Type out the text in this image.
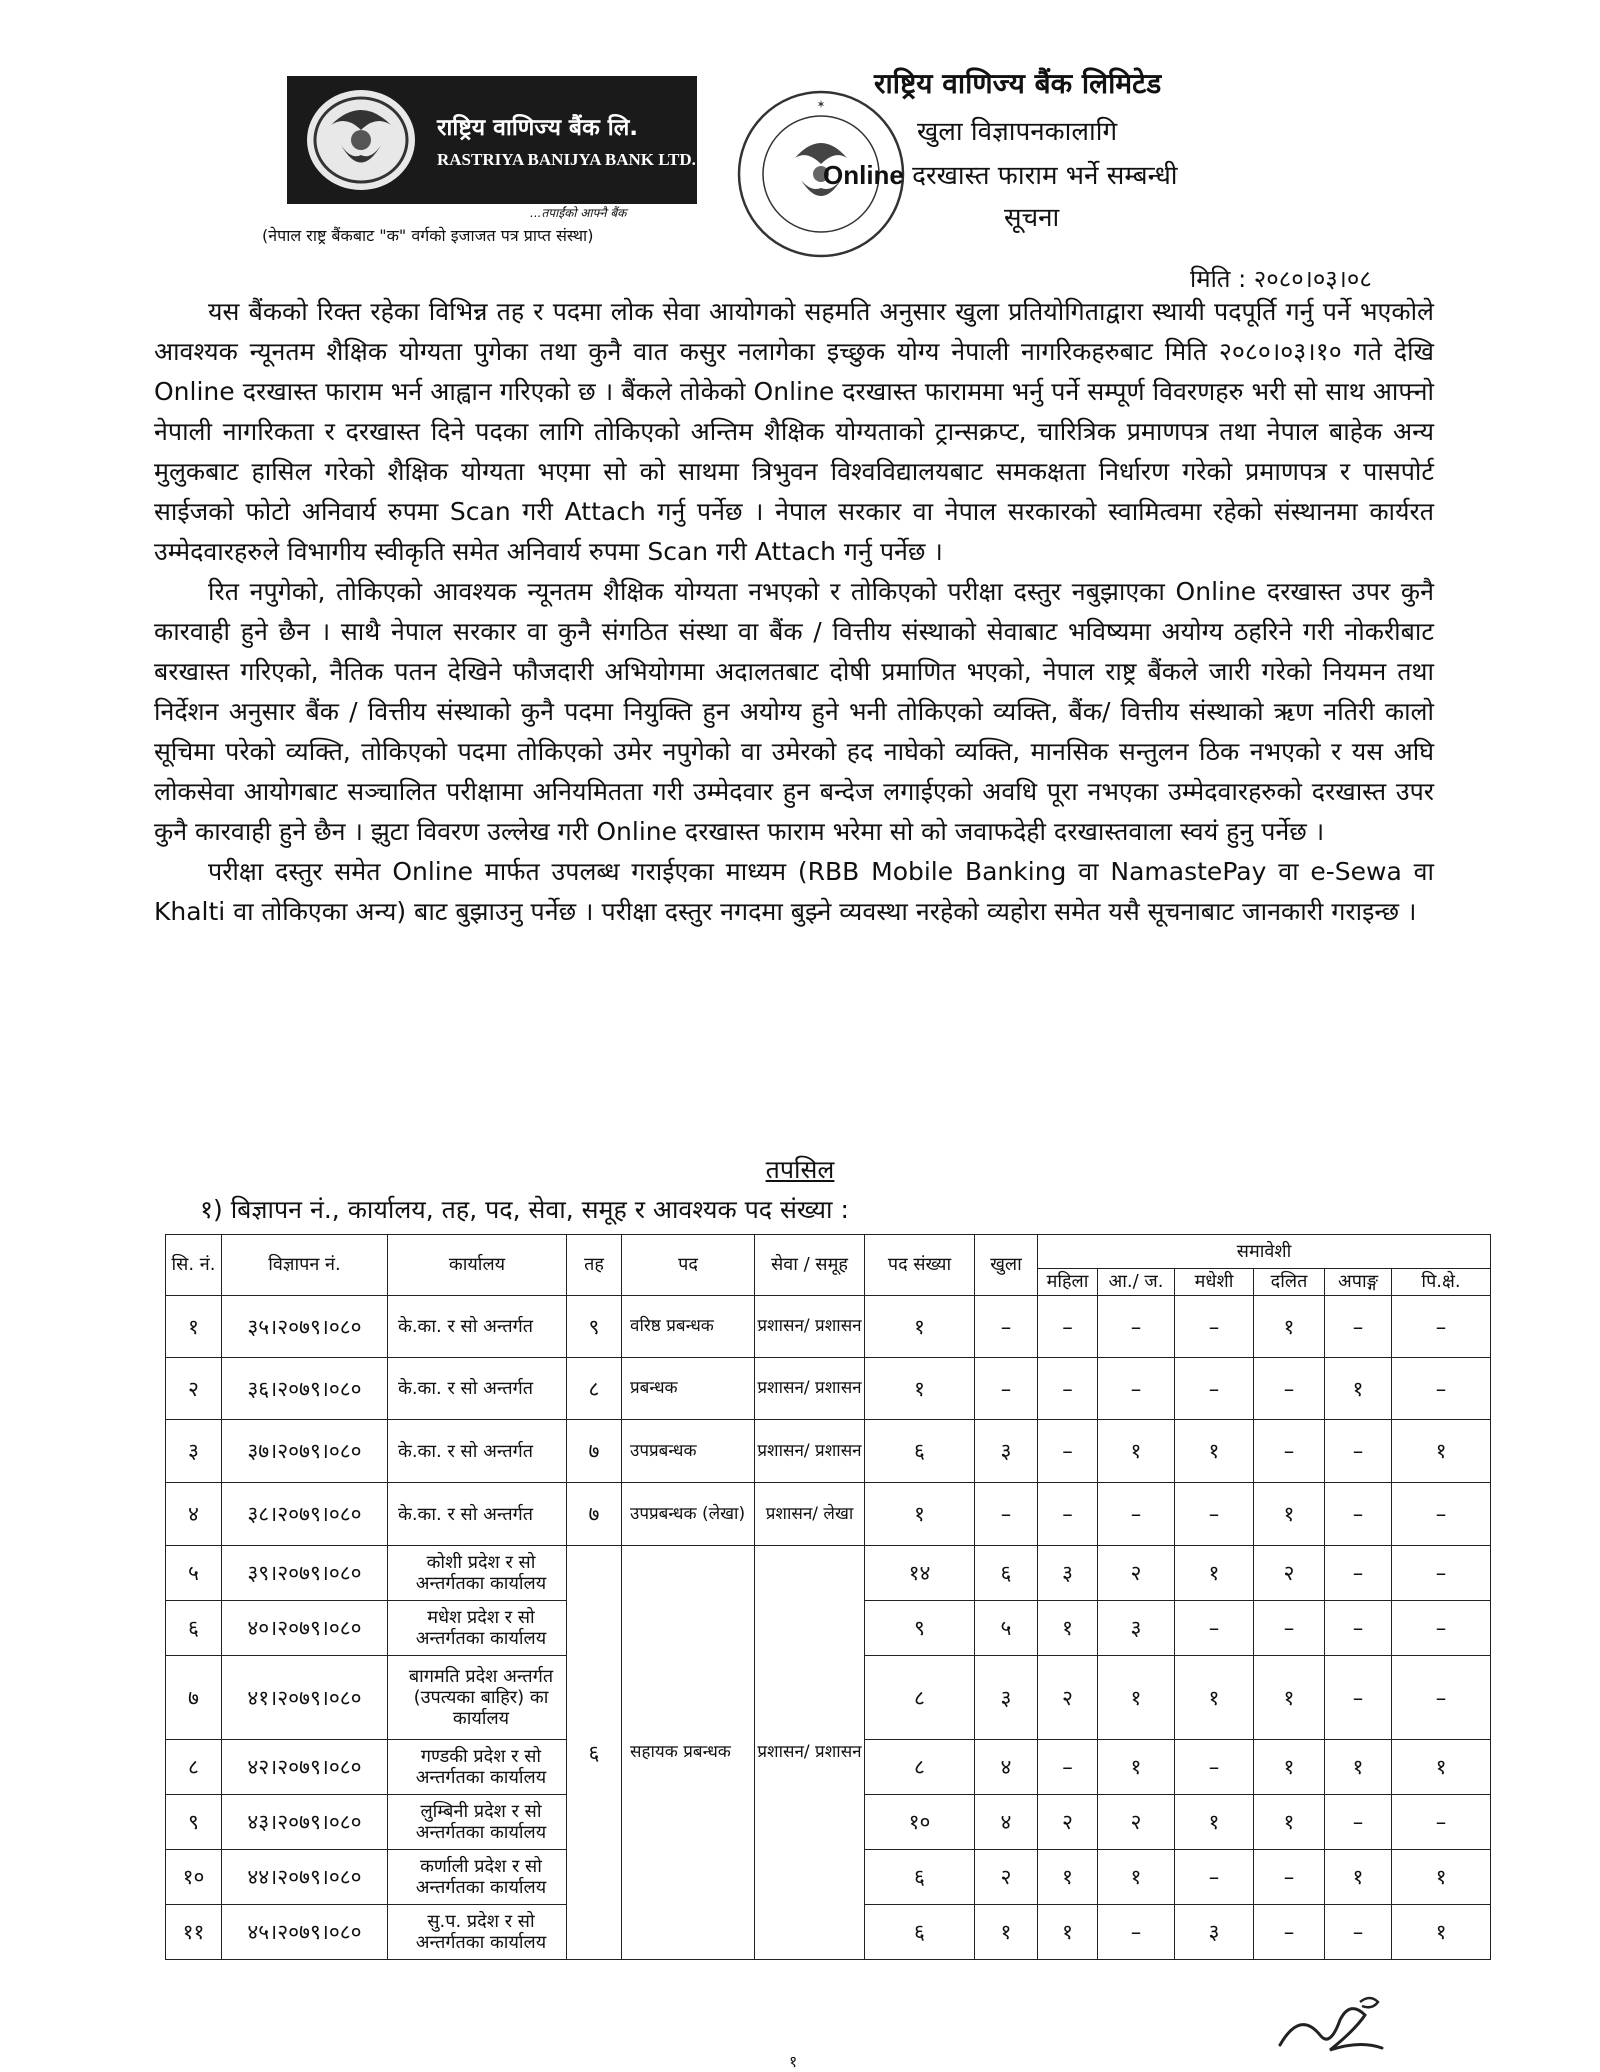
राष्ट्रिय वाणिज्य बैंक लि.
RASTRIYA BANIJYA BANK LTD.
...तपाईंको आफ्नै बैंक
(नेपाल राष्ट्र बैंकबाट "क" वर्गको इजाजत पत्र प्राप्त संस्था)
✶
राष्ट्रिय वाणिज्य बैंक लिमिटेड
खुला विज्ञापनकालागि
Online दरखास्त फाराम भर्ने सम्बन्धी
सूचना
मिति : २०८०।०३।०८

यस बैंकको रिक्त रहेका विभिन्न तह र पदमा लोक सेवा आयोगको सहमति अनुसार खुला प्रतियोगिताद्वारा स्थायी पदपूर्ति गर्नु पर्ने भएकोले आवश्यक न्यूनतम शैक्षिक योग्यता पुगेका तथा कुनै वात कसुर नलागेका इच्छुक योग्य नेपाली नागरिकहरुबाट मिति २०८०।०३।१० गते देखि Online दरखास्त फाराम भर्न आह्वान गरिएको छ । बैंकले तोकेको Online दरखास्त फाराममा भर्नु पर्ने सम्पूर्ण विवरणहरु भरी सो साथ आफ्नो नेपाली नागरिकता र दरखास्त दिने पदका लागि तोकिएको अन्तिम शैक्षिक योग्यताको ट्रान्सक्रप्ट, चारित्रिक प्रमाणपत्र तथा नेपाल बाहेक अन्य मुलुकबाट हासिल गरेको शैक्षिक योग्यता भएमा सो को साथमा त्रिभुवन विश्वविद्यालयबाट समकक्षता निर्धारण गरेको प्रमाणपत्र र पासपोर्ट साईजको फोटो अनिवार्य रुपमा Scan गरी Attach गर्नु पर्नेछ । नेपाल सरकार वा नेपाल सरकारको स्वामित्वमा रहेको संस्थानमा कार्यरत उम्मेदवारहरुले विभागीय स्वीकृति समेत अनिवार्य रुपमा Scan गरी Attach गर्नु पर्नेछ ।

रित नपुगेको, तोकिएको आवश्यक न्यूनतम शैक्षिक योग्यता नभएको र तोकिएको परीक्षा दस्तुर नबुझाएका Online दरखास्त उपर कुनै कारवाही हुने छैन । साथै नेपाल सरकार वा कुनै संगठित संस्था वा बैंक / वित्तीय संस्थाको सेवाबाट भविष्यमा अयोग्य ठहरिने गरी नोकरीबाट बरखास्त गरिएको, नैतिक पतन देखिने फौजदारी अभियोगमा अदालतबाट दोषी प्रमाणित भएको, नेपाल राष्ट्र बैंकले जारी गरेको नियमन तथा निर्देशन अनुसार बैंक / वित्तीय संस्थाको कुनै पदमा नियुक्ति हुन अयोग्य हुने भनी तोकिएको व्यक्ति, बैंक/ वित्तीय संस्थाको ऋण नतिरी कालो सूचिमा परेको व्यक्ति, तोकिएको पदमा तोकिएको उमेर नपुगेको वा उमेरको हद नाघेको व्यक्ति, मानसिक सन्तुलन ठिक नभएको र यस अघि लोकसेवा आयोगबाट सञ्चालित परीक्षामा अनियमितता गरी उम्मेदवार हुन बन्देज लगाईएको अवधि पूरा नभएका उम्मेदवारहरुको दरखास्त उपर कुनै कारवाही हुने छैन । झुटा विवरण उल्लेख गरी Online दरखास्त फाराम भरेमा सो को जवाफदेही दरखास्तवाला स्वयं हुनु पर्नेछ ।

परीक्षा दस्तुर समेत Online मार्फत उपलब्ध गराईएका माध्यम (RBB Mobile Banking वा NamastePay वा e-Sewa वा Khalti वा तोकिएका अन्य) बाट बुझाउनु पर्नेछ । परीक्षा दस्तुर नगदमा बुझ्ने व्यवस्था नरहेको व्यहोरा समेत यसै सूचनाबाट जानकारी गराइन्छ ।

तपसिल
१) बिज्ञापन नं., कार्यालय, तह, पद, सेवा, समूह र आवश्यक पद संख्या :
सि. नं.	विज्ञापन नं.	कार्यालय	तह	पद	सेवा / समूह	पद संख्या	खुला	समावेशी					
								महिला	आ./ ज.	मधेशी	दलित	अपाङ्ग	पि.क्षे.
१	३५।२०७९।०८०	के.का. र सो अन्तर्गत	९	वरिष्ठ प्रबन्धक	प्रशासन/ प्रशासन	१	–	–	–	–	१	–	–
२	३६।२०७९।०८०	के.का. र सो अन्तर्गत	८	प्रबन्धक	प्रशासन/ प्रशासन	१	–	–	–	–	–	१	–
३	३७।२०७९।०८०	के.का. र सो अन्तर्गत	७	उपप्रबन्धक	प्रशासन/ प्रशासन	६	३	–	१	१	–	–	१
४	३८।२०७९।०८०	के.का. र सो अन्तर्गत	७	उपप्रबन्धक (लेखा)	प्रशासन/ लेखा	१	–	–	–	–	१	–	–
५	३९।२०७९।०८०	कोशी प्रदेश र सो अन्तर्गतका कार्यालय	६	सहायक प्रबन्धक	प्रशासन/ प्रशासन	१४	६	३	२	१	२	–	–
६	४०।२०७९।०८०	मधेश प्रदेश र सो अन्तर्गतका कार्यालय				९	५	१	३	–	–	–	–
७	४१।२०७९।०८०	बागमति प्रदेश अन्तर्गत (उपत्यका बाहिर) का कार्यालय				८	३	२	१	१	१	–	–
८	४२।२०७९।०८०	गण्डकी प्रदेश र सो अन्तर्गतका कार्यालय				८	४	–	१	–	१	१	१
९	४३।२०७९।०८०	लुम्बिनी प्रदेश र सो अन्तर्गतका कार्यालय				१०	४	२	२	१	१	–	–
१०	४४।२०७९।०८०	कर्णाली प्रदेश र सो अन्तर्गतका कार्यालय				६	२	१	१	–	–	१	१
११	४५।२०७९।०८०	सु.प. प्रदेश र सो अन्तर्गतका कार्यालय				६	१	१	–	३	–	–	१
१
